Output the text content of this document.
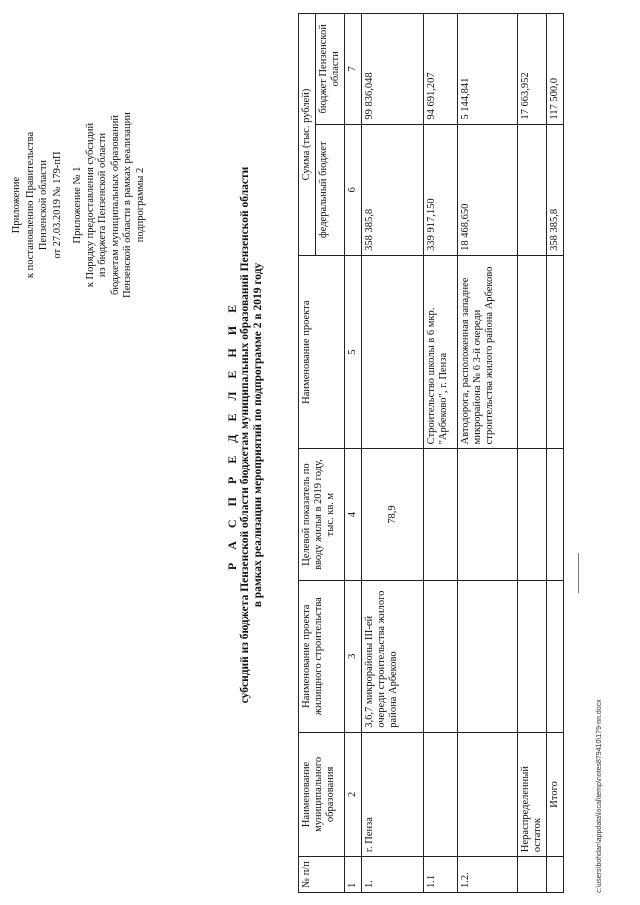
Приложение к постановлению Правительства Пензенской области от 27.03.2019 № 179-пП Приложение № 1 к Порядку предоставления субсидий из бюджета Пензенской области бюджетам муниципальных образований Пензенской области в рамках реализации подпрограммы 2
Р А С П Р Е Д Е Л Е Н И Е субсидий из бюджета Пензенской области бюджетам муниципальных образований Пензенской области в рамках реализации мероприятий по подпрограмме 2 в 2019 году
№ п/п	Наименование муниципального образования	Наименование проекта жилищного строительства	Целевой показатель по вводу жилья в 2019 году, тыс. кв. м	Наименование проекта	Сумма (тыс. рублей)	
					федеральный бюджет	бюджет Пензенской области
1	2	3	4	5	6	7
1.	г. Пенза	3,6,7 микрорайоны III-ей очереди строительства жилого района Арбеково	78,9		358 385,8	99 836,048
1.1				Строительство школы в 6 мкр. "Арбеково", г. Пенза	339 917,150	94 691,207
1.2.				Автодорога, расположенная западнее микрорайона № 6 3-й очереди строительства жилого района Арбеково	18 468,650	5 144,841
	Нераспределенный остаток					17 663,952
	Итого				358 385,8	117 500,0
c:\users\bohdan\appdata\local\temp\notes879410\179-пп.docx
